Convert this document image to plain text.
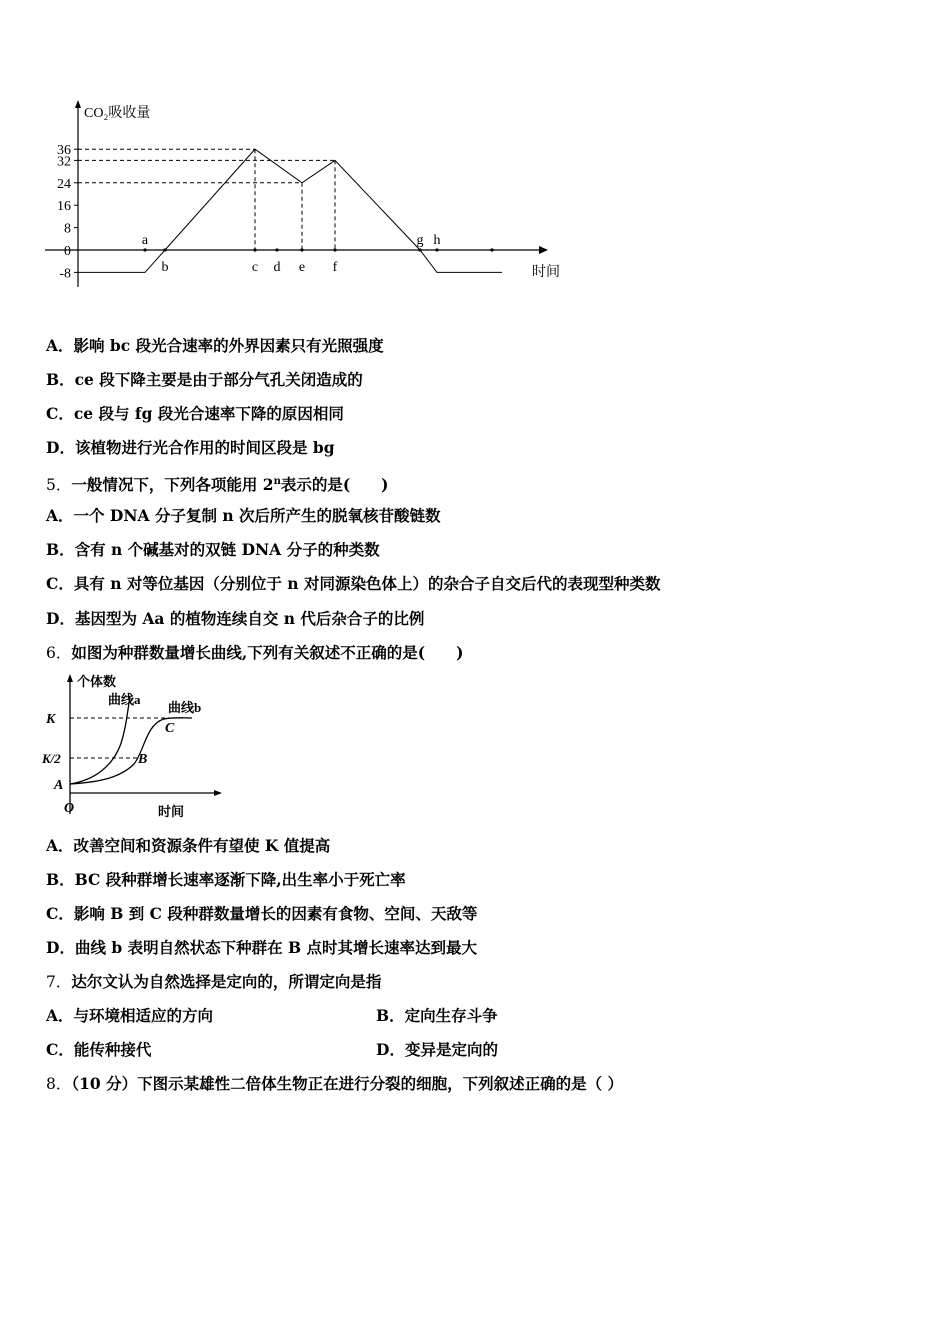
36
32
24
16
8
0
-8
a
b	c d e f
g h
CO₂吸收量
时间
A．影响 bc 段光合速率的外界因素只有光照强度
B．ce 段下降主要是由于部分气孔关闭造成的
C．ce 段与 fg 段光合速率下降的原因相同
D．该植物进行光合作用的时间区段是 bg
5．一般情况下，下列各项能用 2$^n$表示的是(　　)
A．一个 DNA 分子复制 n 次后所产生的脱氧核苷酸链数
B．含有 n 个碱基对的双链 DNA 分子的种类数
C．具有 n 对等位基因（分别位于 n 对同源染色体上）的杂合子自交后代的表现型种类数
D．基因型为 Aa 的植物连续自交 n 代后杂合子的比例
6．如图为种群数量增长曲线,下列有关叙述不正确的是(　　)
个体数
曲线a
曲线b
K
K/2
A
B
C
O	时间
A．改善空间和资源条件有望使 K 值提高
B．BC 段种群增长速率逐渐下降,出生率小于死亡率
C．影响 B 到 C 段种群数量增长的因素有食物、空间、天敌等
D．曲线 b 表明自然状态下种群在 B 点时其增长速率达到最大
7．达尔文认为自然选择是定向的，所谓定向是指
A．与环境相适应的方向	B．定向生存斗争
C．能传种接代	D．变异是定向的
8．（10 分）下图示某雄性二倍体生物正在进行分裂的细胞，下列叙述正确的是（ ）
